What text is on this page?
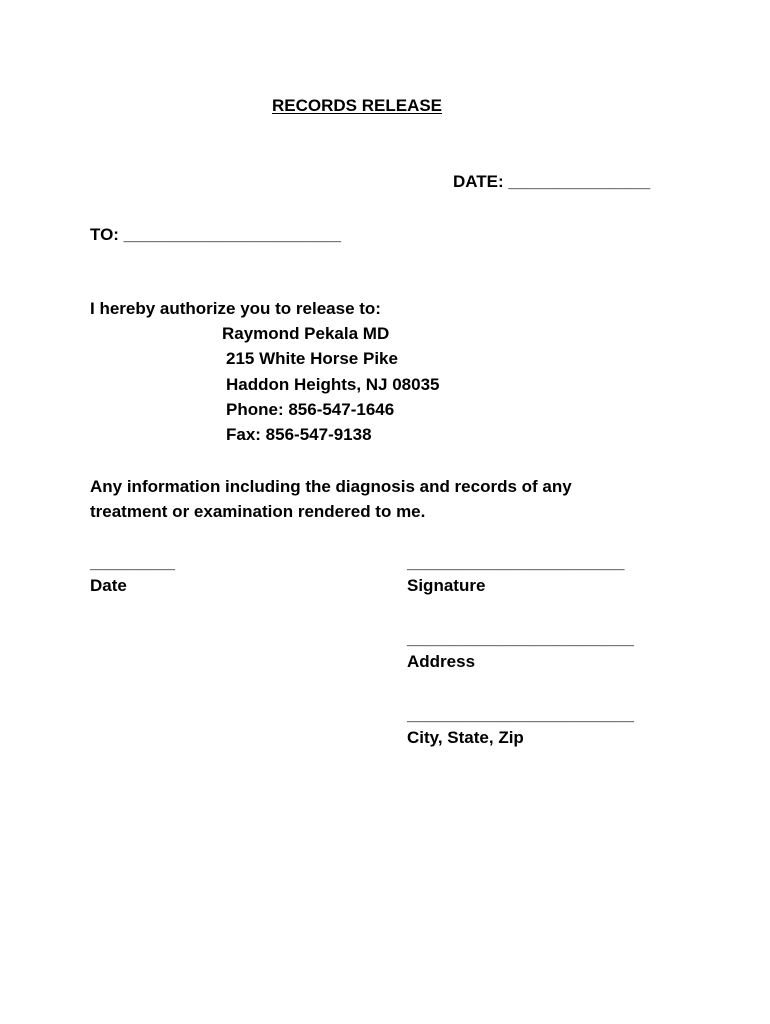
RECORDS RELEASE
DATE: _______________
TO: _______________________
I hereby authorize you to release to:
Raymond Pekala MD
215 White Horse Pike
Haddon Heights, NJ 08035
Phone: 856-547-1646
Fax: 856-547-9138
Any information including the diagnosis and records of any
treatment or examination rendered to me.
_________
Date
_______________________
Signature
________________________
Address
________________________
City, State, Zip
